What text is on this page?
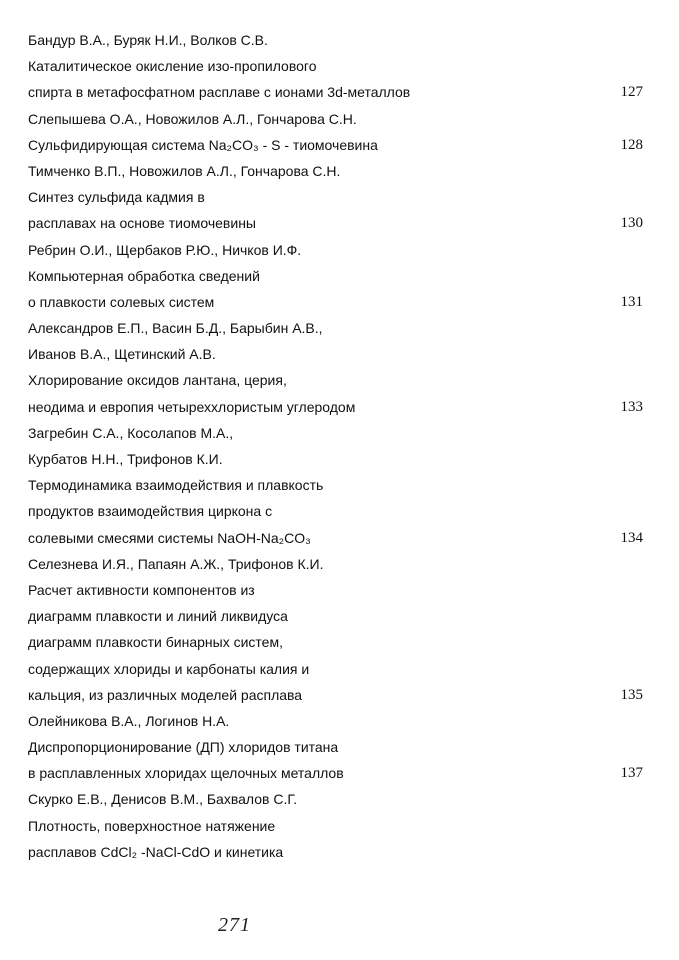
Бандур В.А., Буряк Н.И., Волков С.В.
Каталитическое окисление изо-пропилового
спирта в метафосфатном расплаве с ионами 3d-металлов	127
Слепышева О.А., Новожилов А.Л., Гончарова С.Н.
Сульфидирующая система Na₂CO₃ - S - тиомочевина	128
Тимченко В.П., Новожилов А.Л., Гончарова С.Н.
Синтез сульфида кадмия в
расплавах на основе тиомочевины	130
Ребрин О.И., Щербаков Р.Ю., Ничков И.Ф.
Компьютерная обработка сведений
о плавкости солевых систем	131
Александров Е.П., Васин Б.Д., Барыбин А.В.,
Иванов В.А., Щетинский А.В.
Хлорирование оксидов лантана, церия,
неодима и европия четыреххлористым углеродом	133
Загребин С.А., Косолапов М.А.,
Курбатов Н.Н., Трифонов К.И.
Термодинамика взаимодействия и плавкость
продуктов взаимодействия циркона с
солевыми смесями системы NaOH-Na₂CO₃	134
Селезнева И.Я., Папаян А.Ж., Трифонов К.И.
Расчет активности компонентов из
диаграмм плавкости и линий ликвидуса
диаграмм плавкости бинарных систем,
содержащих хлориды и карбонаты калия и
кальция, из различных моделей расплава	135
Олейникова В.А., Логинов Н.А.
Диспропорционирование (ДП) хлоридов титана
в расплавленных хлоридах щелочных металлов	137
Скурко Е.В., Денисов В.М., Бахвалов С.Г.
Плотность, поверхностное натяжение
расплавов CdCl₂ -NaCl-CdO и кинетика
271
